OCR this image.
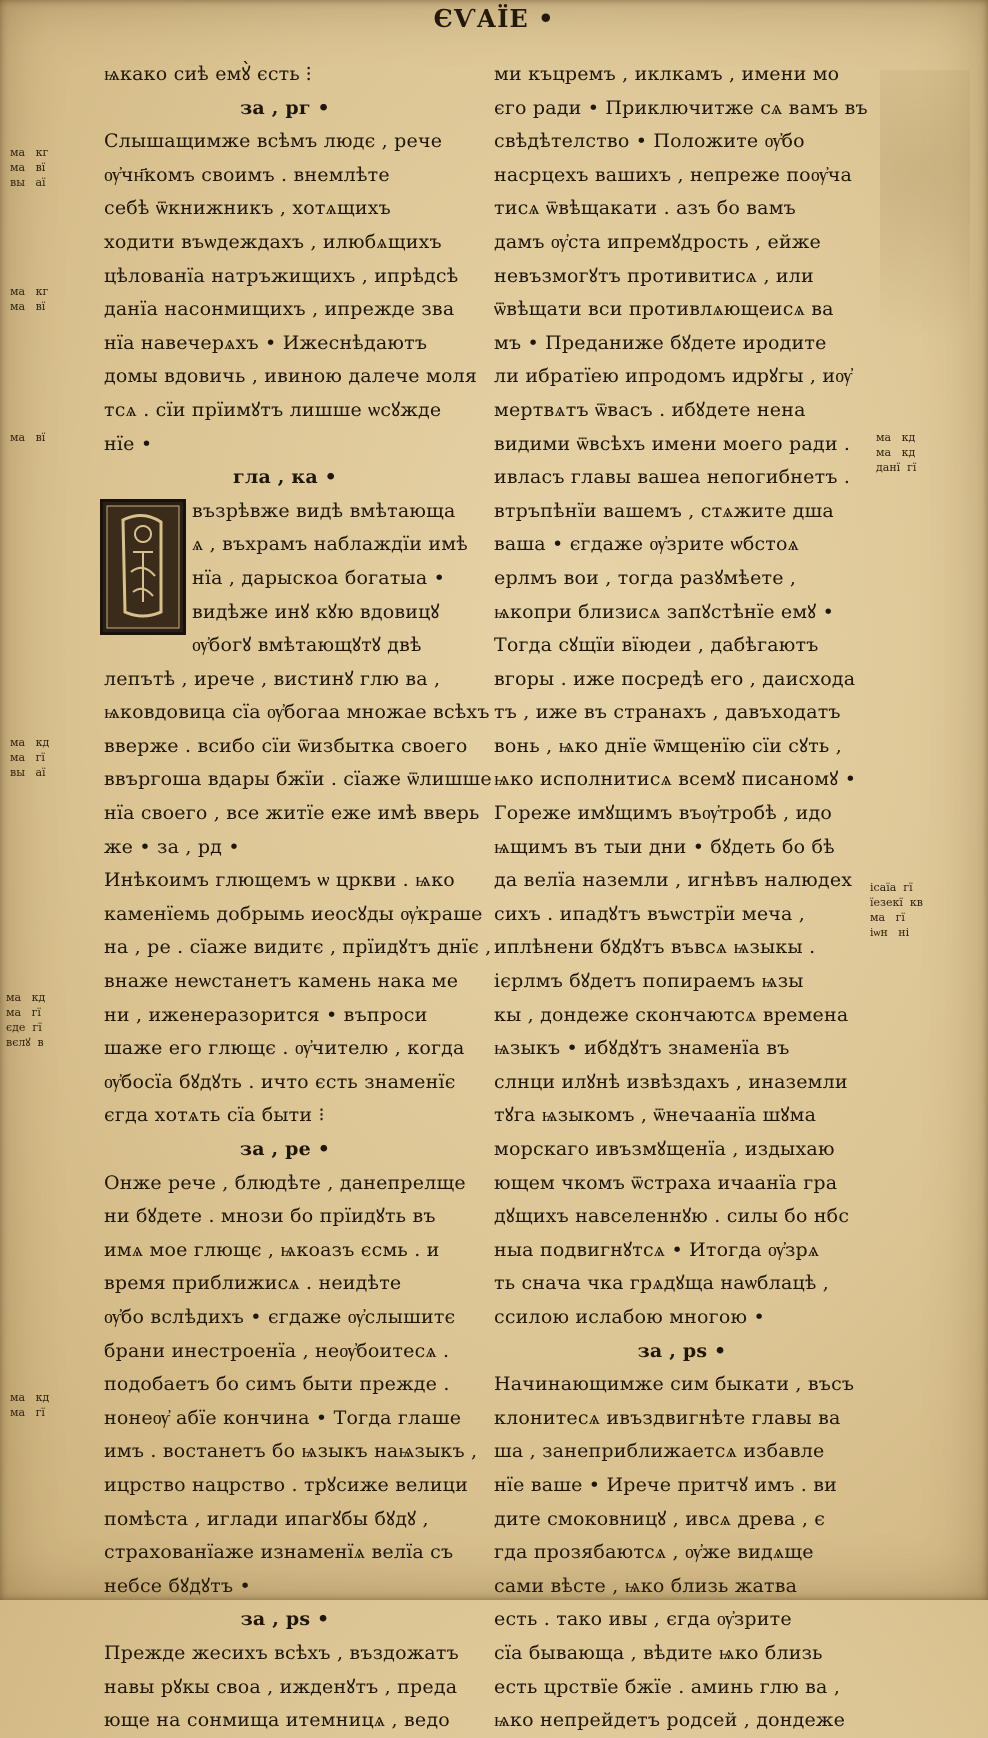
ЄѴАЇЕ •
ѩкако сиѣ емꙋ̀ єсть ⁝
за , рг •
Слышащимже всѣмъ людє , рече
ѹ҆чн҃комъ своимъ . внемлѣте
себѣ ѿкнижникъ , хотѧщихъ
ходити въѡдеждахъ , илюбѧщихъ
цѣлованїа натръжищихъ , ипрѣдсѣ
данїа насонмищихъ , ипрежде зва
нїа навечерѧхъ • Ижеснѣдаютъ
домы вдовичь , ивиною далече моля
тсѧ . сїи прїимꙋтъ лишше ѡсꙋжде
нїе •
гла , ка •
възрѣвже видѣ вмѣтающа
ѧ , въхрамъ наблаждїи имѣ
нїа , дарыскоа богатыа •
видѣже инꙋ кꙋю вдовицꙋ
ѹ҆богꙋ вмѣтающꙋтꙋ двѣ
лепътѣ , ирече , вистинꙋ глю ва ,
ѩковдовица сїа ѹ҆богаа множае всѣхъ
вверже . всибо сїи ѿизбытка своего
ввъргоша вдары бжїи . сїаже ѿлишше
нїа своего , все житїе еже имѣ вверь
же • за , рд •
Инѣкоимъ глющемъ ѡ цркви . ѩко
каменїемь добрымь иеосꙋды ѹ҆краше
на , ре . сїаже видитє , прїидꙋтъ днїє ,
внаже неѡстанетъ камень нака ме
ни , иженеразорится • въпроси
шаже его глющє . ѹ҆чителю , когда
ѹ҆босїа бꙋдꙋть . ичто єсть знаменїє
єгда хотѧть сїа быти ⁝
за , ре •
Онже рече , блюдѣте , данепрелще
ни бꙋдете . мнози бо прїидꙋть въ
имѧ мое глющє , ѩкоазъ єсмь . и
время приближисѧ . неидѣте
ѹ҆бо вслѣдихъ • єгдаже ѹ҆слышитє
брани инестроенїа , неѹ҆боитесѧ .
подобаетъ бо симъ быти прежде .
нонеѹ҆ абїе кончина • Тогда глаше
имъ . востанетъ бо ѩзыкъ наѩзыкъ ,
ицрство нацрство . трꙋсиже велици
помѣста , иглади ипагꙋбы бꙋдꙋ ,
страхованїаже изнаменїѧ велїа съ
небсе бꙋдꙋтъ •
за , рѕ •
Прежде жесихъ всѣхъ , въздожатъ
навы рꙋкы своа , ижденꙋтъ , преда
юще на сонмища итемницѧ , ведо
ми къцремъ , иклкамъ , имени мо
єго ради • Приключитже сѧ вамъ въ
свѣдѣтелство • Положите ѹ҆бо
насрцехъ вашихъ , непреже поѹ҆ча
тисѧ ѿвѣщакати . азъ бо вамъ
дамъ ѹ҆ста ипремꙋдрость , ейже
невъзмогꙋтъ противитисѧ , или
ѿвѣщати вси противлѧющеисѧ ва
мъ • Преданиже бꙋдете иродите
ли ибратїею ипродомъ идрꙋгы , иѹ҆
мертвѧтъ ѿвасъ . ибꙋдете нена
видими ѿвсѣхъ имени моего ради .
ивласъ главы вашеа непогибнетъ .
втръпѣнїи вашемъ , стѧжите дша
ваша • єгдаже ѹ҆зрите ѡбстоѧ
ерлмъ вои , тогда разꙋмѣете ,
ѩкопри близисѧ запꙋстѣнїе емꙋ •
Тогда сꙋщїи вїюдеи , дабѣгаютъ
вгоры . иже посредѣ его , даисхода
тъ , иже въ странахъ , давъходатъ
вонь , ѩко днїе ѿмщенїю сїи сꙋть ,
ѩко исполнитисѧ всемꙋ писаномꙋ •
Гореже имꙋщимъ въѹ҆тробѣ , идо
ѩщимъ въ тыи дни • бꙋдеть бо бѣ
да велїа наземли , игнѣвъ налюдех
сихъ . ипадꙋтъ въѡстрїи меча ,
иплѣнени бꙋдꙋтъ въвсѧ ѩзыкы .
ієрлмъ бꙋдетъ попираемъ ѩзы
кы , дондеже скончаютсѧ времена
ѩзыкъ • ибꙋдꙋтъ знаменїа въ
слнци илꙋнѣ извѣздахъ , иназемли
тꙋга ѩзыкомъ , ѿнечаанїа шꙋма
морскаго ивъзмꙋщенїа , издыхаю
ющем чкомъ ѿстраха ичаанїа гра
дꙋщихъ навселеннꙋю . силы бо нбс
ныа подвигнꙋтсѧ • Итогда ѹ҆зрѧ
ть снача чка грѧдꙋща наѡблацѣ ,
ссилою ислабою многою •
за , рѕ •
Начинающимже сим быкати , въсъ
клонитесѧ ивъздвигнѣте главы ва
ша , занеприближаетсѧ избавле
нїе ваше • Ирече притчꙋ имъ . ви
дите смоковницꙋ , ивсѧ древа , є
гда прозябаютсѧ , ѹ҆же видѧще
сами вѣсте , ѩко близь жатва
есть . тако ивы , єгда ѹ҆зрите
сїа бывающа , вѣдите ѩко близь
есть црствїе бжїе . аминь глю ва ,
ѩко непрейдетъ родсей , дондеже
ма   кг
ма   вї
вы   аї
ма   кг
ма   вї
ма   вї
ма   кд
ма   гї
вы   аї
ма   кд
ма   гї
єде  гї
вєлꙋ  в
ма   кд
ма   гї
ма   кд
ма   кд
данї  гї
ісаїа  гї
їезекї  кв
ма   гї
іѡн   ні
